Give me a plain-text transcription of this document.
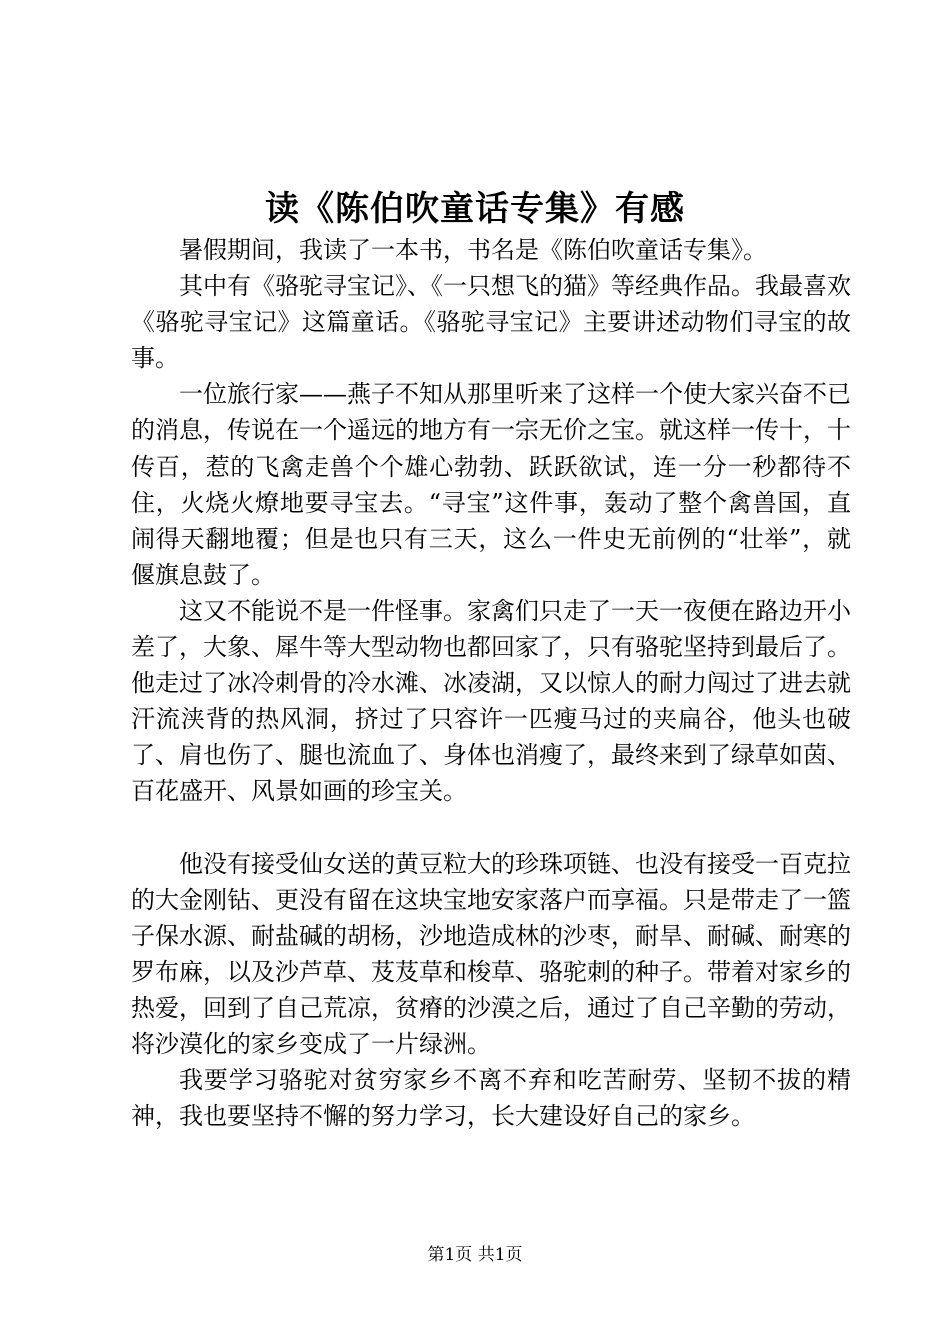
读《陈伯吹童话专集》有感

暑假期间，我读了一本书，书名是《陈伯吹童话专集》。

其中有《骆驼寻宝记》、《一只想飞的猫》等经典作品。我最喜欢《骆驼寻宝记》这篇童话。《骆驼寻宝记》主要讲述动物们寻宝的故事。

一位旅行家——燕子不知从那里听来了这样一个使大家兴奋不已的消息，传说在一个遥远的地方有一宗无价之宝。就这样一传十，十传百，惹的飞禽走兽个个雄心勃勃、跃跃欲试，连一分一秒都待不住，火烧火燎地要寻宝去。“寻宝”这件事，轰动了整个禽兽国，直闹得天翻地覆；但是也只有三天，这么一件史无前例的“壮举”，就偃旗息鼓了。

这又不能说不是一件怪事。家禽们只走了一天一夜便在路边开小差了，大象、犀牛等大型动物也都回家了，只有骆驼坚持到最后了。他走过了冰冷刺骨的冷水滩、冰凌湖，又以惊人的耐力闯过了进去就汗流浃背的热风洞，挤过了只容许一匹瘦马过的夹扁谷，他头也破了、肩也伤了、腿也流血了、身体也消瘦了，最终来到了绿草如茵、百花盛开、风景如画的珍宝关。

他没有接受仙女送的黄豆粒大的珍珠项链、也没有接受一百克拉的大金刚钻、更没有留在这块宝地安家落户而享福。只是带走了一篮子保水源、耐盐碱的胡杨，沙地造成林的沙枣，耐旱、耐碱、耐寒的罗布麻，以及沙芦草、芨芨草和梭草、骆驼刺的种子。带着对家乡的热爱，回到了自己荒凉，贫瘠的沙漠之后，通过了自己辛勤的劳动，将沙漠化的家乡变成了一片绿洲。

我要学习骆驼对贫穷家乡不离不弃和吃苦耐劳、坚韧不拔的精神，我也要坚持不懈的努力学习，长大建设好自己的家乡。

第1页 共1页
